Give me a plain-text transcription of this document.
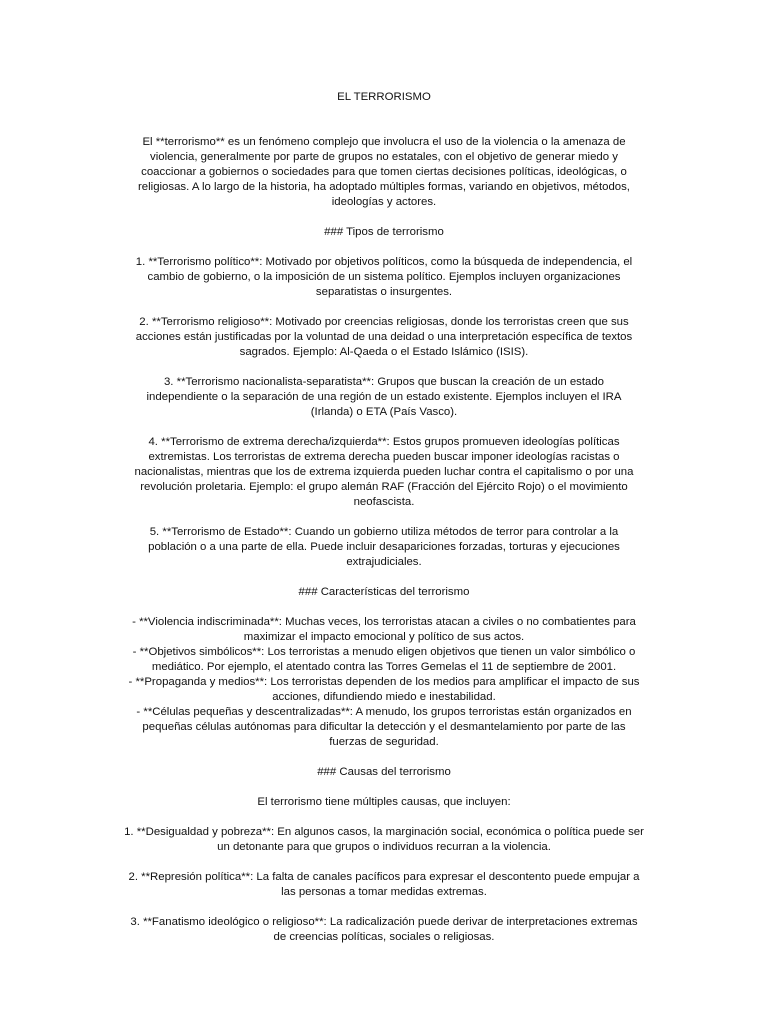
EL TERRORISMO

El **terrorismo** es un fenómeno complejo que involucra el uso de la violencia o la amenaza de
violencia, generalmente por parte de grupos no estatales, con el objetivo de generar miedo y
coaccionar a gobiernos o sociedades para que tomen ciertas decisiones políticas, ideológicas, o
religiosas. A lo largo de la historia, ha adoptado múltiples formas, variando en objetivos, métodos,
ideologías y actores.

### Tipos de terrorismo

1. **Terrorismo político**: Motivado por objetivos políticos, como la búsqueda de independencia, el
cambio de gobierno, o la imposición de un sistema político. Ejemplos incluyen organizaciones
separatistas o insurgentes.

2. **Terrorismo religioso**: Motivado por creencias religiosas, donde los terroristas creen que sus
acciones están justificadas por la voluntad de una deidad o una interpretación específica de textos
sagrados. Ejemplo: Al-Qaeda o el Estado Islámico (ISIS).

3. **Terrorismo nacionalista-separatista**: Grupos que buscan la creación de un estado
independiente o la separación de una región de un estado existente. Ejemplos incluyen el IRA
(Irlanda) o ETA (País Vasco).

4. **Terrorismo de extrema derecha/izquierda**: Estos grupos promueven ideologías políticas
extremistas. Los terroristas de extrema derecha pueden buscar imponer ideologías racistas o
nacionalistas, mientras que los de extrema izquierda pueden luchar contra el capitalismo o por una
revolución proletaria. Ejemplo: el grupo alemán RAF (Fracción del Ejército Rojo) o el movimiento
neofascista.

5. **Terrorismo de Estado**: Cuando un gobierno utiliza métodos de terror para controlar a la
población o a una parte de ella. Puede incluir desapariciones forzadas, torturas y ejecuciones
extrajudiciales.

### Características del terrorismo

- **Violencia indiscriminada**: Muchas veces, los terroristas atacan a civiles o no combatientes para
maximizar el impacto emocional y político de sus actos.

- **Objetivos simbólicos**: Los terroristas a menudo eligen objetivos que tienen un valor simbólico o
mediático. Por ejemplo, el atentado contra las Torres Gemelas el 11 de septiembre de 2001.

- **Propaganda y medios**: Los terroristas dependen de los medios para amplificar el impacto de sus
acciones, difundiendo miedo e inestabilidad.

- **Células pequeñas y descentralizadas**: A menudo, los grupos terroristas están organizados en
pequeñas células autónomas para dificultar la detección y el desmantelamiento por parte de las
fuerzas de seguridad.

### Causas del terrorismo

El terrorismo tiene múltiples causas, que incluyen:

1. **Desigualdad y pobreza**: En algunos casos, la marginación social, económica o política puede ser
un detonante para que grupos o individuos recurran a la violencia.

2. **Represión política**: La falta de canales pacíficos para expresar el descontento puede empujar a
las personas a tomar medidas extremas.

3. **Fanatismo ideológico o religioso**: La radicalización puede derivar de interpretaciones extremas
de creencias políticas, sociales o religiosas.
